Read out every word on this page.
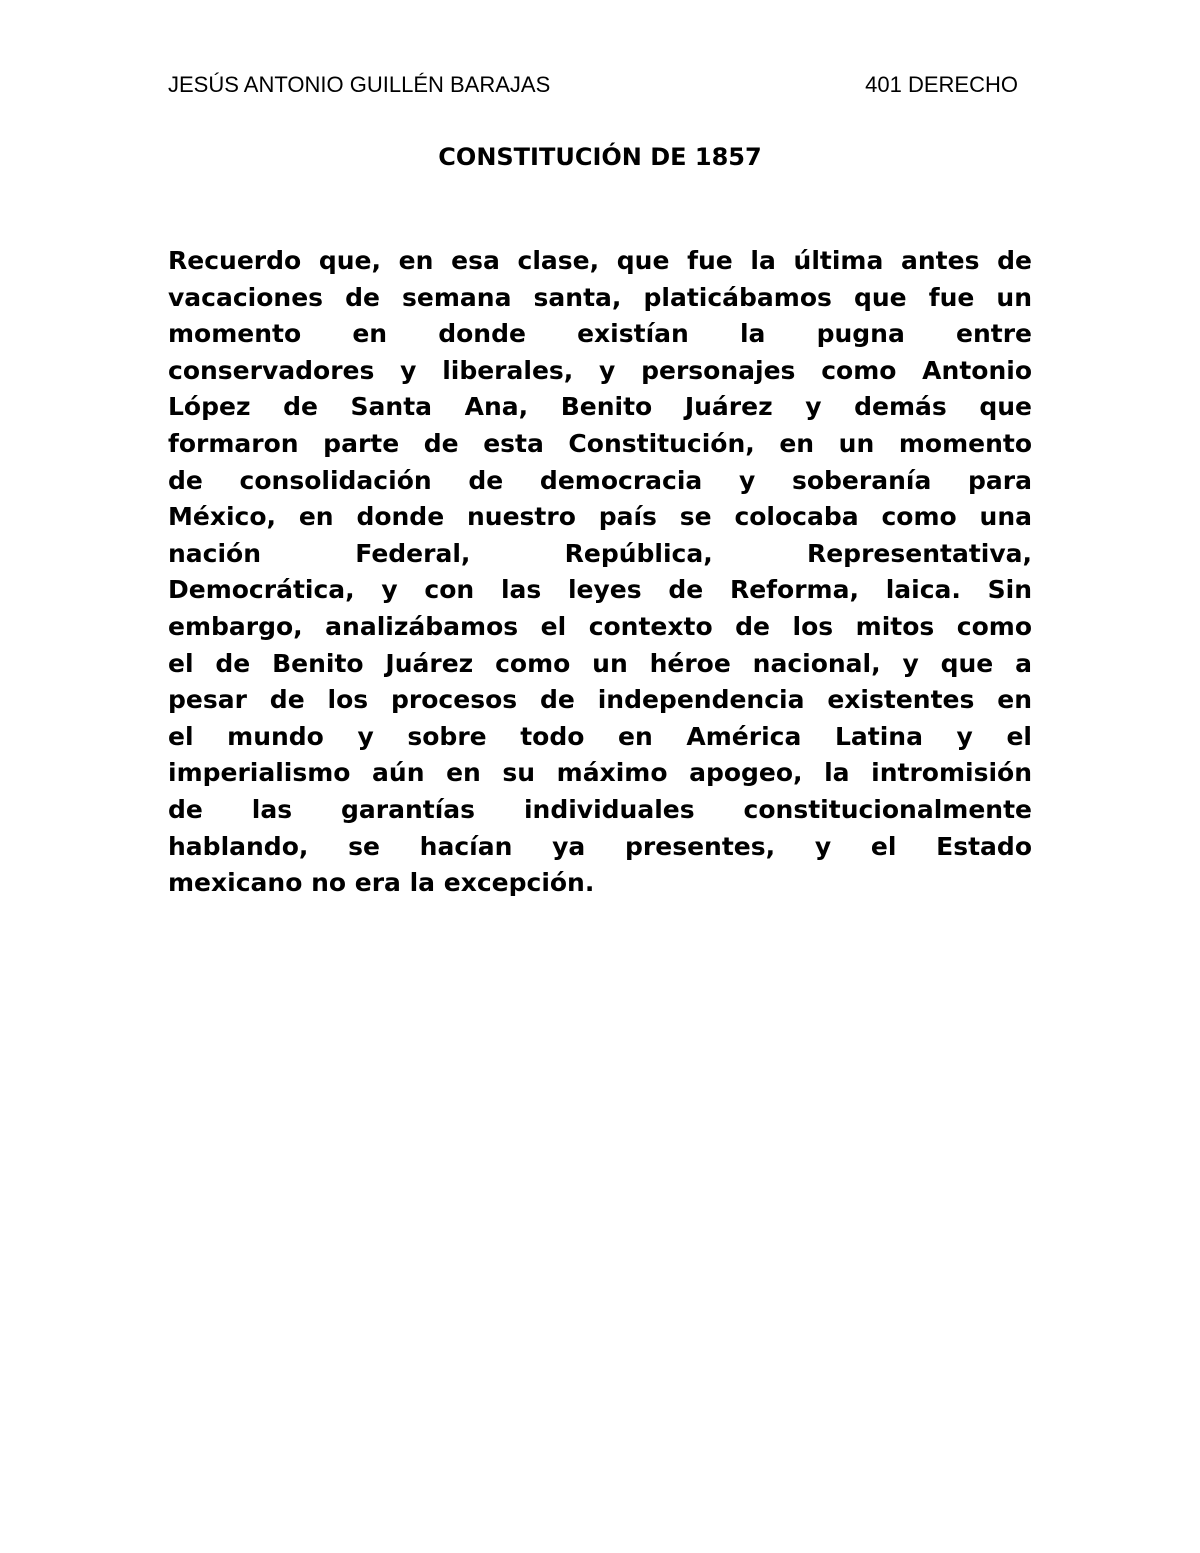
JESÚS ANTONIO GUILLÉN BARAJAS	401 DERECHO
CONSTITUCIÓN DE 1857
Recuerdo que, en esa clase, que fue la última antes de
vacaciones de semana santa, platicábamos que fue un
momento en donde existían la pugna entre
conservadores y liberales, y personajes como Antonio
López de Santa Ana, Benito Juárez y demás que
formaron parte de esta Constitución, en un momento
de consolidación de democracia y soberanía para
México, en donde nuestro país se colocaba como una
nación Federal, República, Representativa,
Democrática, y con las leyes de Reforma, laica. Sin
embargo, analizábamos el contexto de los mitos como
el de Benito Juárez como un héroe nacional, y que a
pesar de los procesos de independencia existentes en
el mundo y sobre todo en América Latina y el
imperialismo aún en su máximo apogeo, la intromisión
de las garantías individuales constitucionalmente
hablando, se hacían ya presentes, y el Estado
mexicano no era la excepción.
